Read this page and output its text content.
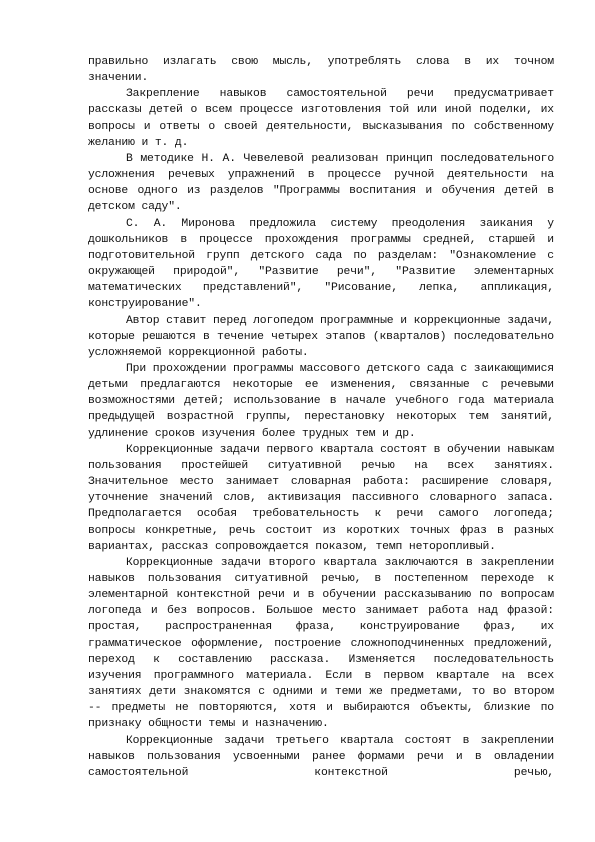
правильно излагать свою мысль, употреблять слова в их точном значении.

Закрепление навыков самостоятельной речи предусматривает рассказы детей о всем процессе изготовления той или иной поделки, их вопросы и ответы о своей деятельности, высказывания по собственному желанию и т. д.

В методике Н. А. Чевелевой реализован принцип последовательного усложнения речевых упражнений в процессе ручной деятельности на основе одного из разделов "Программы воспитания и обучения детей в детском саду".

С. А. Миронова предложила систему преодоления заикания у дошкольников в процессе прохождения программы средней, старшей и подготовительной групп детского сада по разделам: "Ознакомление с окружающей природой", "Развитие речи", "Развитие элементарных математических представлений", "Рисование, лепка, аппликация, конструирование".

Автор ставит перед логопедом программные и коррекционные задачи, которые решаются в течение четырех этапов (кварталов) последовательно усложняемой коррекционной работы.

При прохождении программы массового детского сада с заикающимися детьми предлагаются некоторые ее изменения, связанные с речевыми возможностями детей; использование в начале учебного года материала предыдущей возрастной группы, перестановку некоторых тем занятий, удлинение сроков изучения более трудных тем и др.

Коррекционные задачи первого квартала состоят в обучении навыкам пользования простейшей ситуативной речью на всех занятиях. Значительное место занимает словарная работа: расширение словаря, уточнение значений слов, активизация пассивного словарного запаса. Предполагается особая требовательность к речи самого логопеда; вопросы конкретные, речь состоит из коротких точных фраз в разных вариантах, рассказ сопровождается показом, темп неторопливый.

Коррекционные задачи второго квартала заключаются в закреплении навыков пользования ситуативной речью, в постепенном переходе к элементарной контекстной речи и в обучении рассказыванию по вопросам логопеда и без вопросов. Большое место занимает работа над фразой: простая, распространенная фраза, конструирование фраз, их грамматическое оформление, построение сложноподчиненных предложений, переход к составлению рассказа. Изменяется последовательность изучения программного материала. Если в первом квартале на всех занятиях дети знакомятся с одними и теми же предметами, то во втором -- предметы не повторяются, хотя и выбираются объекты, близкие по признаку общности темы и назначению.

Коррекционные задачи третьего квартала состоят в закреплении навыков пользования усвоенными ранее формами речи и в овладении самостоятельной контекстной речью,
